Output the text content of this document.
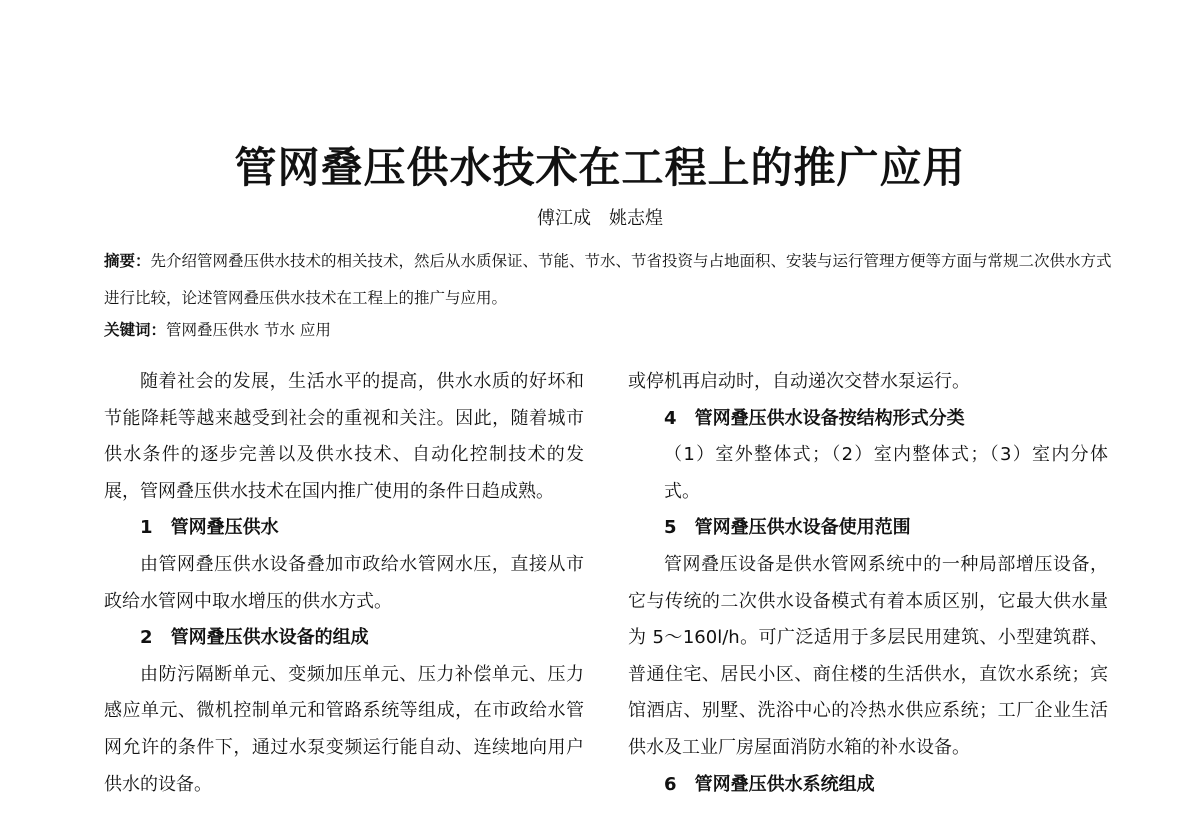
管网叠压供水技术在工程上的推广应用
傅江成 姚志煌
摘要：先介绍管网叠压供水技术的相关技术，然后从水质保证、节能、节水、节省投资与占地面积、安装与运行管理方便等方面与常规二次供水方式进行比较，论述管网叠压供水技术在工程上的推广与应用。
关键词：管网叠压供水 节水 应用

随着社会的发展，生活水平的提高，供水水质的好坏和节能降耗等越来越受到社会的重视和关注。因此，随着城市供水条件的逐步完善以及供水技术、自动化控制技术的发展，管网叠压供水技术在国内推广使用的条件日趋成熟。

1 管网叠压供水

由管网叠压供水设备叠加市政给水管网水压，直接从市政给水管网中取水增压的供水方式。

2 管网叠压供水设备的组成

由防污隔断单元、变频加压单元、压力补偿单元、压力感应单元、微机控制单元和管路系统等组成，在市政给水管网允许的条件下，通过水泵变频运行能自动、连续地向用户供水的设备。

或停机再启动时，自动递次交替水泵运行。

4 管网叠压供水设备按结构形式分类

（1）室外整体式；（2）室内整体式；（3）室内分体式。

5 管网叠压供水设备使用范围

管网叠压设备是供水管网系统中的一种局部增压设备，它与传统的二次供水设备模式有着本质区别，它最大供水量为 5～160l/h。可广泛适用于多层民用建筑、小型建筑群、普通住宅、居民小区、商住楼的生活供水，直饮水系统；宾馆酒店、别墅、洗浴中心的冷热水供应系统；工厂企业生活供水及工业厂房屋面消防水箱的补水设备。

6 管网叠压供水系统组成
